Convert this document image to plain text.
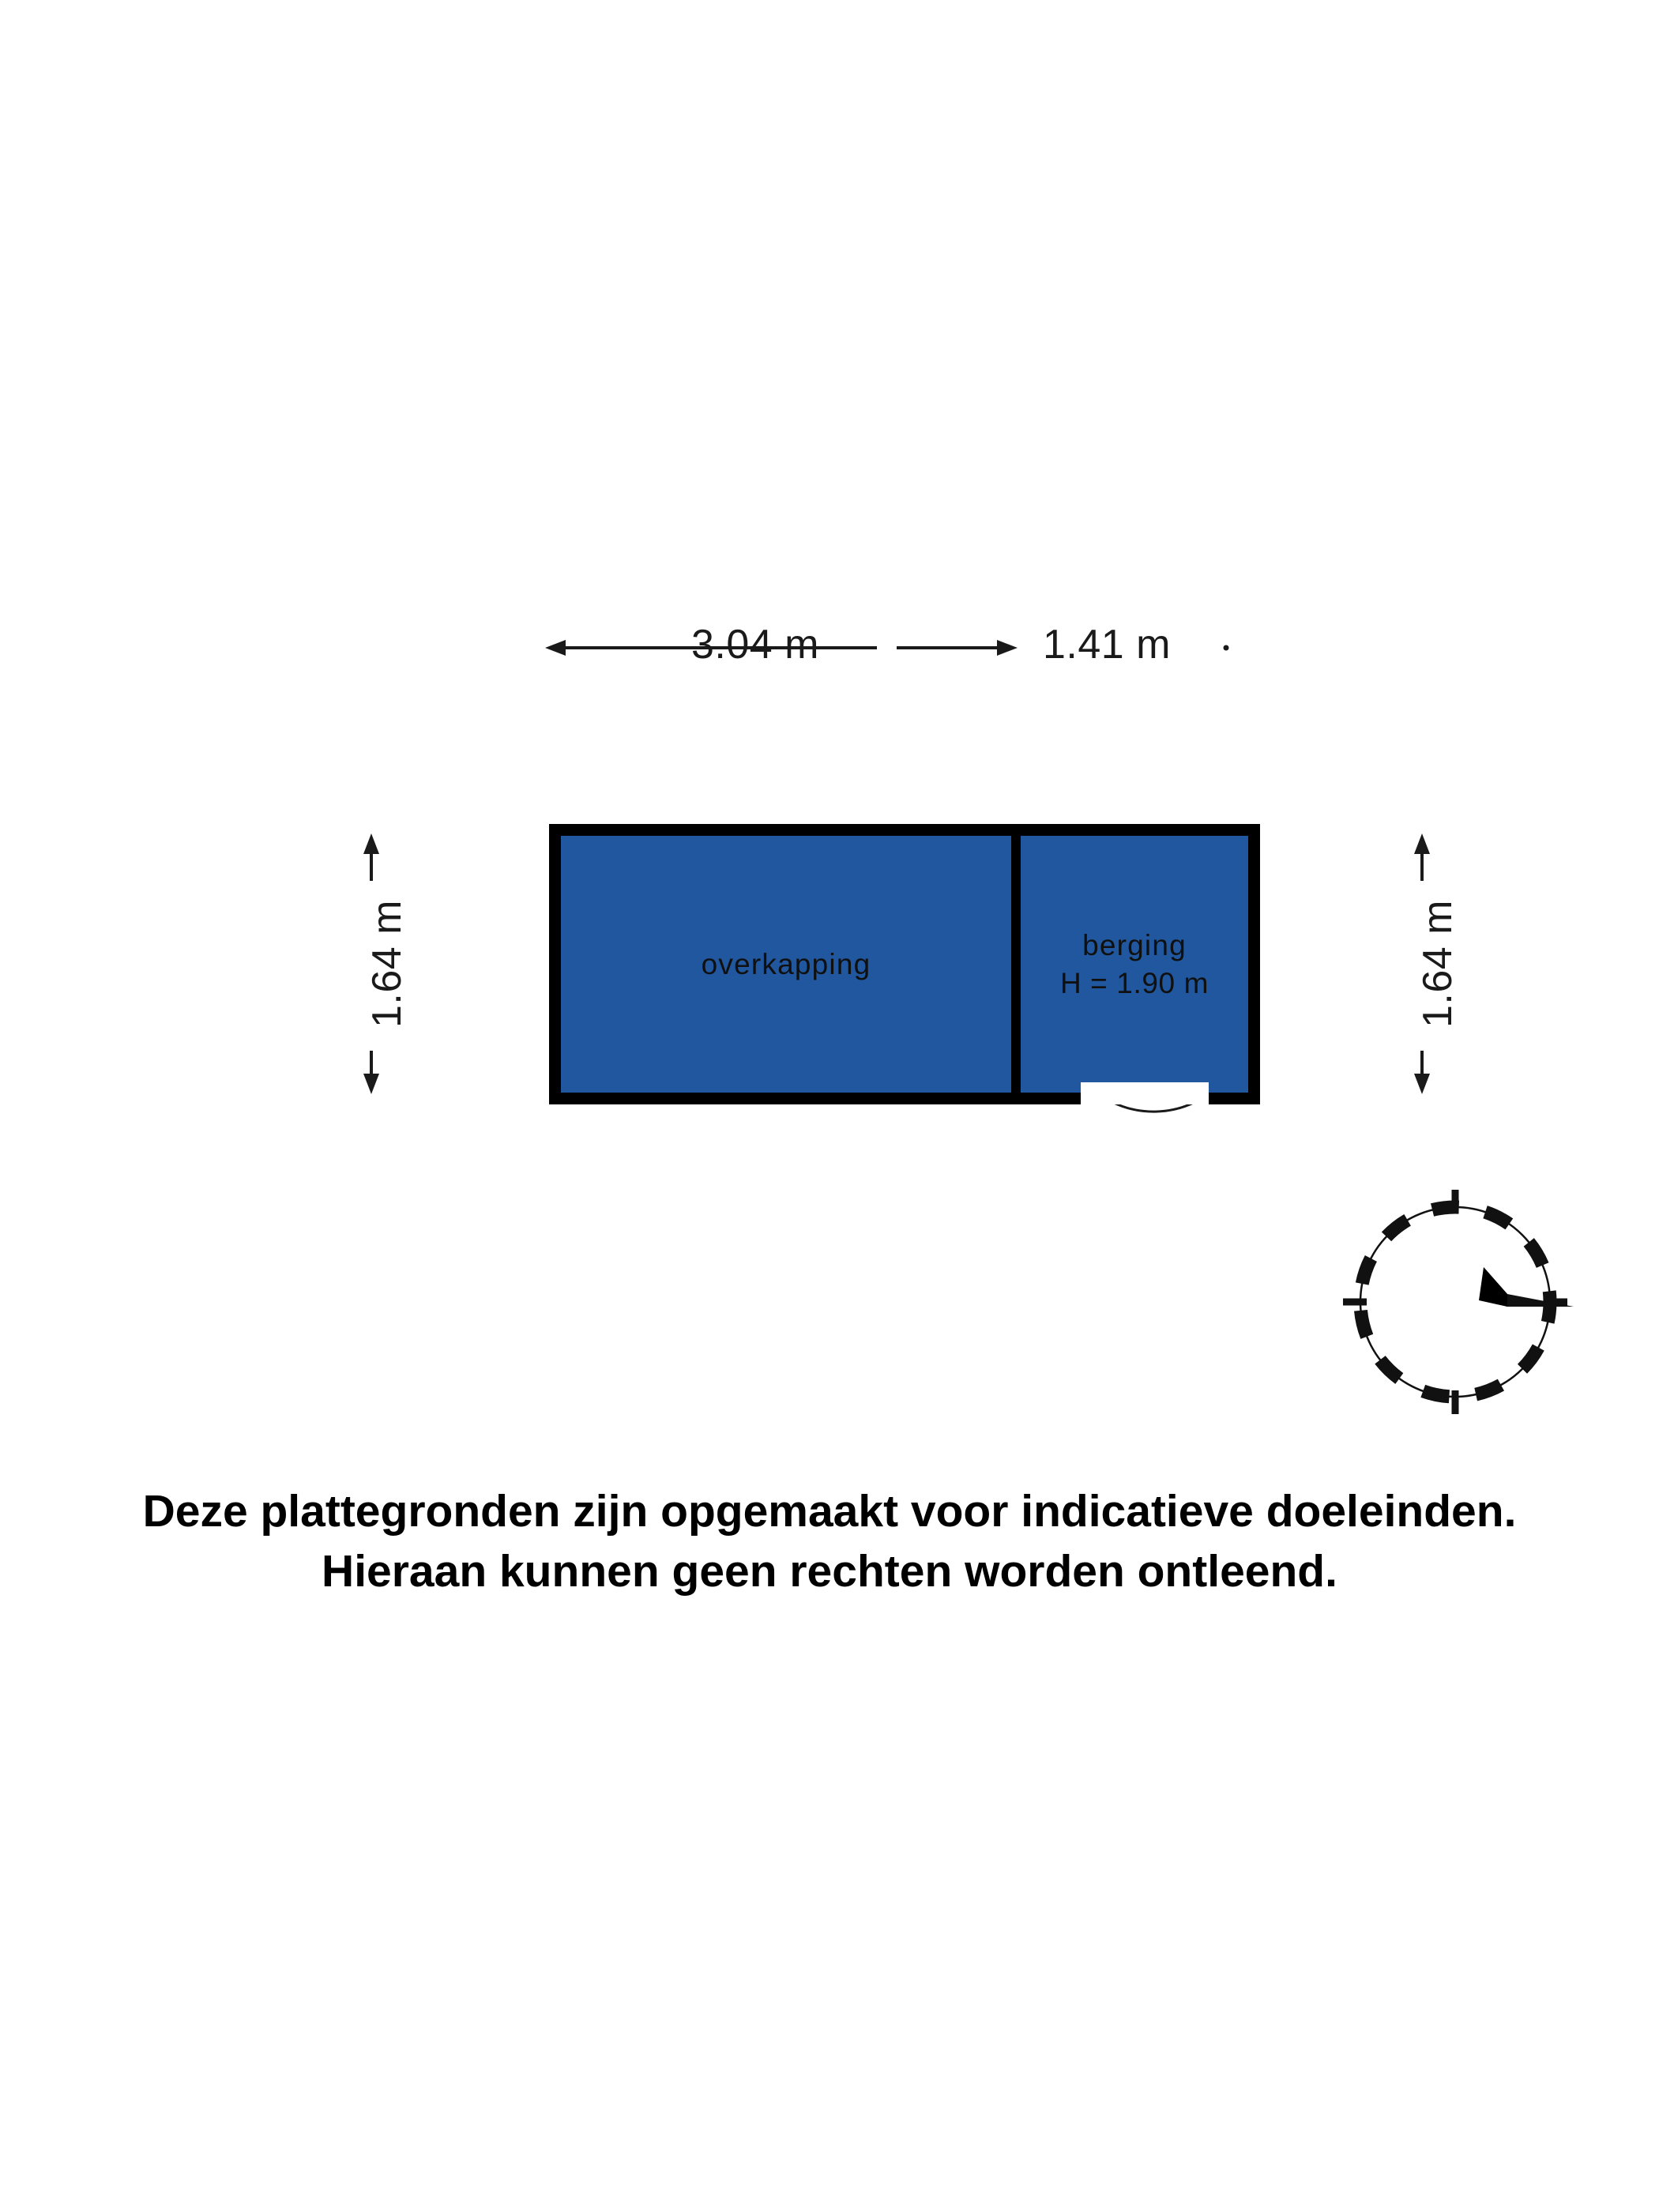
3.04 m	1.41 m
1.64 m	1.64 m
overkapping
berging
H = 1.90 m
N
Deze plattegronden zijn opgemaakt voor indicatieve doeleinden.
Hieraan kunnen geen rechten worden ontleend.
